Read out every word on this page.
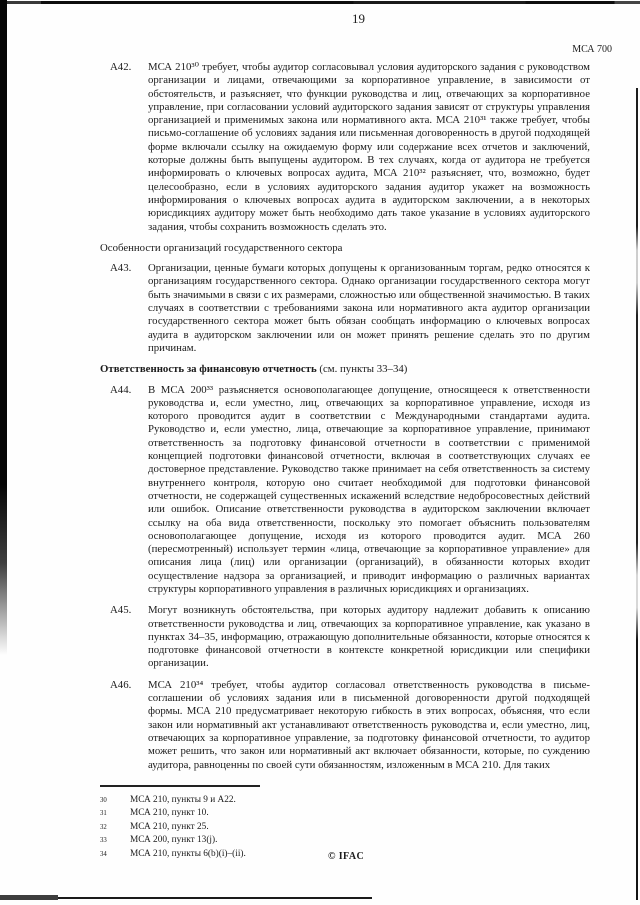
19
МСА 700
А42.	МСА 210³⁰ требует, чтобы аудитор согласовывал условия аудиторского задания с руководством организации и лицами, отвечающими за корпоративное управление, в зависимости от обстоятельств, и разъясняет, что функции руководства и лиц, отвечающих за корпоративное управление, при согласовании условий аудиторского задания зависят от структуры управления организацией и применимых закона или нормативного акта. МСА 210³¹ также требует, чтобы письмо-соглашение об условиях задания или письменная договоренность в другой подходящей форме включали ссылку на ожидаемую форму или содержание всех отчетов и заключений, которые должны быть выпущены аудитором. В тех случаях, когда от аудитора не требуется информировать о ключевых вопросах аудита, МСА 210³² разъясняет, что, возможно, будет целесообразно, если в условиях аудиторского задания аудитор укажет на возможность информирования о ключевых вопросах аудита в аудиторском заключении, а в некоторых юрисдикциях аудитору может быть необходимо дать такое указание в условиях аудиторского задания, чтобы сохранить возможность сделать это.
Особенности организаций государственного сектора
А43.	Организации, ценные бумаги которых допущены к организованным торгам, редко относятся к организациям государственного сектора. Однако организации государственного сектора могут быть значимыми в связи с их размерами, сложностью или общественной значимостью. В таких случаях в соответствии с требованиями закона или нормативного акта аудитор организации государственного сектора может быть обязан сообщать информацию о ключевых вопросах аудита в аудиторском заключении или он может принять решение сделать это по другим причинам.
Ответственность за финансовую отчетность (см. пункты 33–34)
А44.	В МСА 200³³ разъясняется основополагающее допущение, относящееся к ответственности руководства и, если уместно, лиц, отвечающих за корпоративное управление, исходя из которого проводится аудит в соответствии с Международными стандартами аудита. Руководство и, если уместно, лица, отвечающие за корпоративное управление, принимают ответственность за подготовку финансовой отчетности в соответствии с применимой концепцией подготовки финансовой отчетности, включая в соответствующих случаях ее достоверное представление. Руководство также принимает на себя ответственность за систему внутреннего контроля, которую оно считает необходимой для подготовки финансовой отчетности, не содержащей существенных искажений вследствие недобросовестных действий или ошибок. Описание ответственности руководства в аудиторском заключении включает ссылку на оба вида ответственности, поскольку это помогает объяснить пользователям основополагающее допущение, исходя из которого проводится аудит. МСА 260 (пересмотренный) использует термин «лица, отвечающие за корпоративное управление» для описания лица (лиц) или организации (организаций), в обязанности которых входит осуществление надзора за организацией, и приводит информацию о различных вариантах структуры корпоративного управления в различных юрисдикциях и организациях.
А45.	Могут возникнуть обстоятельства, при которых аудитору надлежит добавить к описанию ответственности руководства и лиц, отвечающих за корпоративное управление, как указано в пунктах 34–35, информацию, отражающую дополнительные обязанности, которые относятся к подготовке финансовой отчетности в контексте конкретной юрисдикции или специфики организации.
А46.	МСА 210³⁴ требует, чтобы аудитор согласовал ответственность руководства в письме-соглашении об условиях задания или в письменной договоренности другой подходящей формы. МСА 210 предусматривает некоторую гибкость в этих вопросах, объясняя, что если закон или нормативный акт устанавливают ответственность руководства и, если уместно, лиц, отвечающих за корпоративное управление, за подготовку финансовой отчетности, то аудитор может решить, что закон или нормативный акт включает обязанности, которые, по суждению аудитора, равноценны по своей сути обязанностям, изложенным в МСА 210. Для таких
30	МСА 210, пункты 9 и А22.
31	МСА 210, пункт 10.
32	МСА 210, пункт 25.
33	МСА 200, пункт 13(j).
34	МСА 210, пункты 6(b)(i)–(ii).	© IFAC
